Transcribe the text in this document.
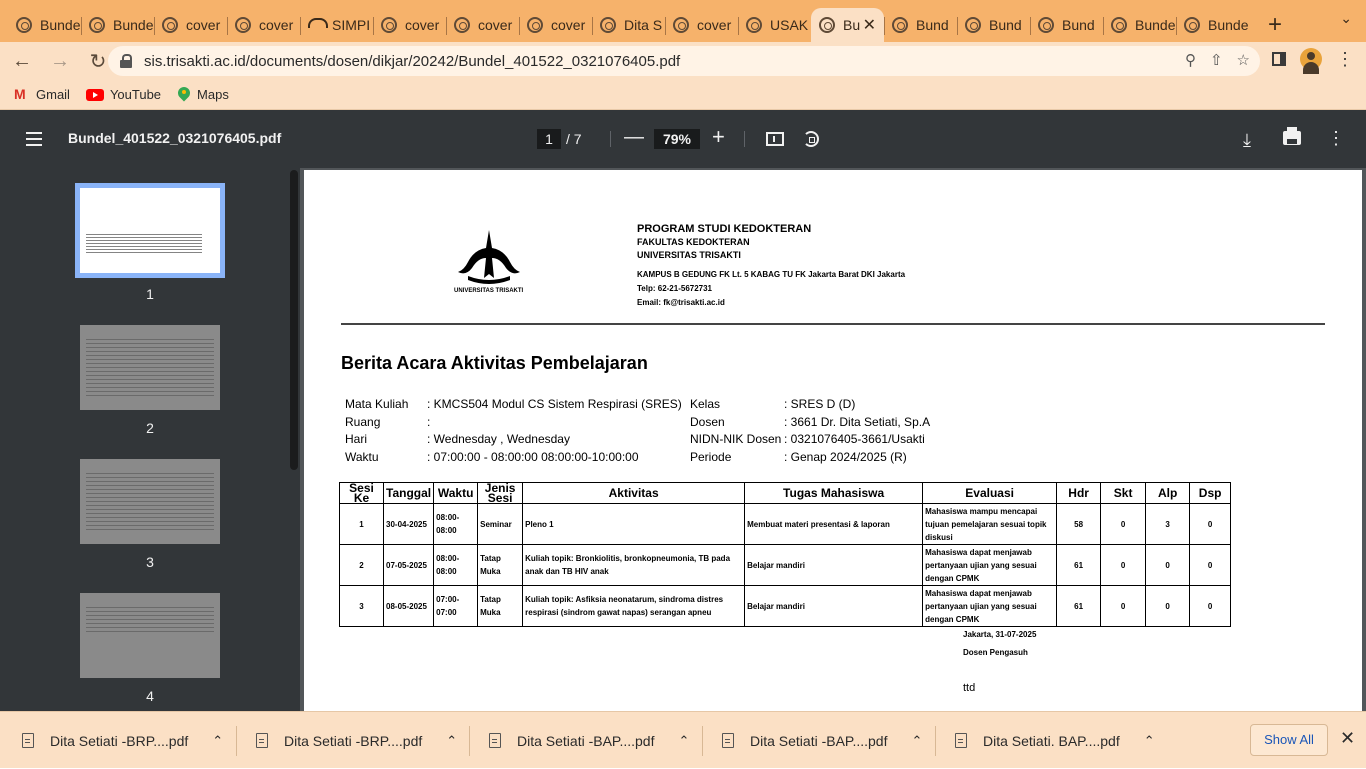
Bunde Bunde cover	cover	SIMPI cover	cover	cover	Dita S cover	USAK Bu ✕	Bund	Bund	Bund	Bunde Bunde +	⌄
← → ↻	sis.trisakti.ac.id/documents/dosen/dikjar/20242/Bundel_401522_0321076405.pdf	⚲ ⇧ ☆	⋮
M
Gmail	YouTube	Maps
Bundel_401522_0321076405.pdf	1 / 7 —	79% +	⤓	⋮
1
2
3
4
UNIVERSITAS TRISAKTI
PROGRAM STUDI KEDOKTERAN
FAKULTAS KEDOKTERAN
UNIVERSITAS TRISAKTI
KAMPUS B GEDUNG FK Lt. 5 KABAG TU FK Jakarta Barat DKI Jakarta
Telp: 62-21-5672731
Email: fk@trisakti.ac.id
Berita Acara Aktivitas Pembelajaran
Mata Kuliah : KMCS504 Modul CS Sistem Respirasi (SRES)
Ruang	:
Hari	: Wednesday , Wednesday
Waktu	: 07:00:00 - 08:00:00 08:00:00-10:00:00
Kelas	: SRES D (D)
Dosen	: 3661 Dr. Dita Setiati, Sp.A
NIDN-NIK Dosen : 0321076405-3661/Usakti
Periode	: Genap 2024/2025 (R)
Sesi Ke	Tanggal	Waktu	Jenis Sesi	Aktivitas	Tugas Mahasiswa	Evaluasi	Hdr	Skt	Alp	Dsp
1	30-04-2025	08:00- 08:00	Seminar	Pleno 1	Membuat materi presentasi & laporan	Mahasiswa mampu mencapai tujuan pemelajaran sesuai topik diskusi	58	0	3	0
2	07-05-2025	08:00- 08:00	Tatap Muka	Kuliah topik: Bronkiolitis, bronkopneumonia, TB pada anak dan TB HIV anak	Belajar mandiri	Mahasiswa dapat menjawab pertanyaan ujian yang sesuai dengan CPMK	61	0	0	0
3	08-05-2025	07:00- 07:00	Tatap Muka	Kuliah topik: Asfiksia neonatarum, sindroma distres respirasi (sindrom gawat napas) serangan apneu	Belajar mandiri	Mahasiswa dapat menjawab pertanyaan ujian yang sesuai dengan CPMK	61	0	0	0
Jakarta, 31-07-2025
Dosen Pengasuh
ttd
Dita Setiati -BRP....pdf ⌃	Dita Setiati -BRP....pdf ⌃	Dita Setiati -BAP....pdf ⌃	Dita Setiati -BAP....pdf ⌃	Dita Setiati. BAP....pdf ⌃	Show All	✕
